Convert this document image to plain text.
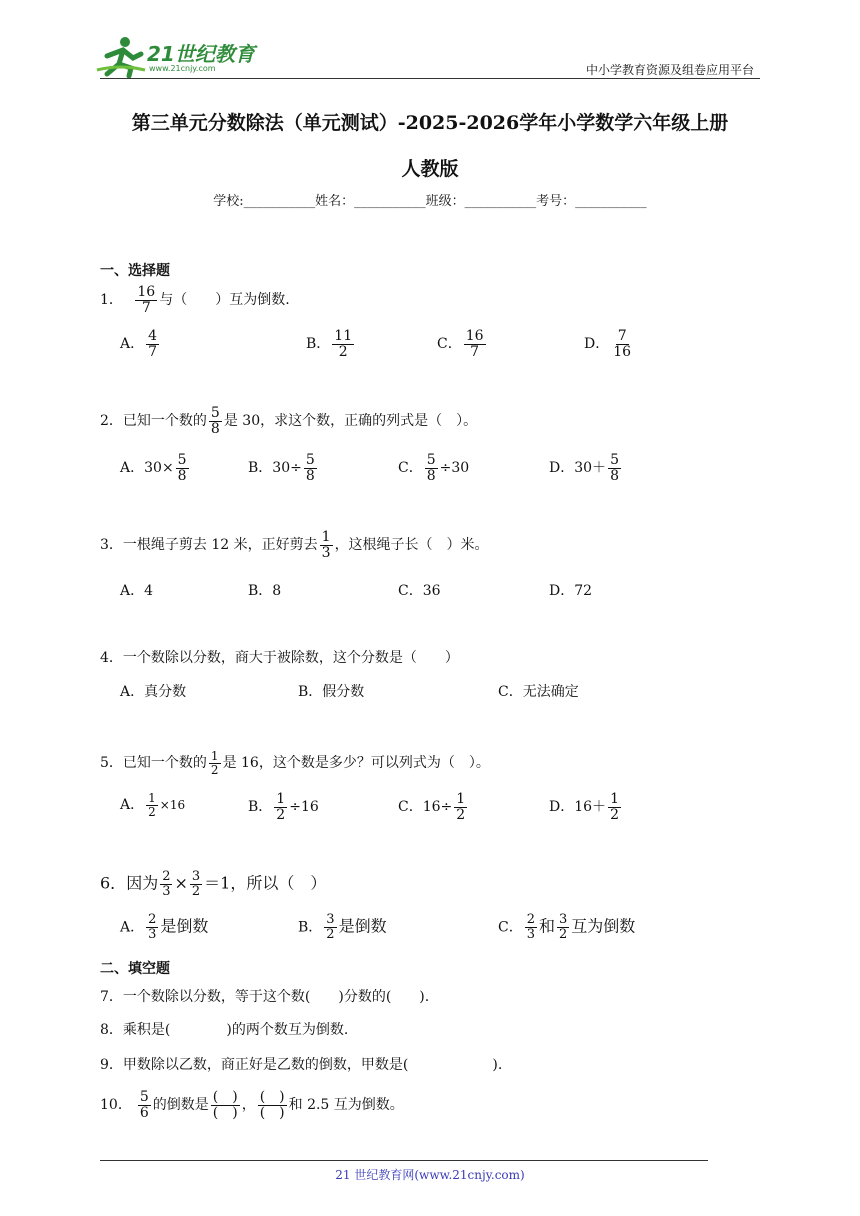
21世纪教育
www.21cnjy.com	中小学教育资源及组卷应用平台
第三单元分数除法（单元测试）-2025-2026学年小学数学六年级上册
人教版
学校:___________姓名：___________班级：___________考号：___________
一、选择题
1． $\frac{16}{7}$ 与（　　）互为倒数.
A． $\frac{4}{7}$	B． $\frac{11}{2}$	C． $\frac{16}{7}$	D． $\frac{7}{16}$
2．已知一个数的 $\frac{5}{8}$ 是 30，求这个数，正确的列式是（　）。
A．$30\times \frac{5}{8}$	B．$30\div \frac{5}{8}$	C． $\frac{5}{8} \div 30$	D．$30+ \frac{5}{8}$
3．一根绳子剪去 12 米，正好剪去 $\frac{1}{3}$ ，这根绳子长（　）米。
A．4	B．8	C．36	D．72
4．一个数除以分数，商大于被除数，这个分数是（　　）
A．真分数	B．假分数	C．无法确定
5．已知一个数的 $\frac{1}{2}$ 是 16，这个数是多少？可以列式为（　）。
A． $\frac{1}{2} \times 16$	B． $\frac{1}{2} \div 16$	C．$16\div \frac{1}{2}$	D．$16+ \frac{1}{2}$
6．因为 $\frac{2}{3} \times \frac{3}{2} =1$，所以（　）
A． $\frac{2}{3}$ 是倒数	B． $\frac{3}{2}$ 是倒数	C． $\frac{2}{3}$ 和 $\frac{3}{2}$ 互为倒数
二、填空题
7．一个数除以分数，等于这个数(　　)分数的(　　).
8．乘积是(　　　　)的两个数互为倒数.
9．甲数除以乙数，商正好是乙数的倒数，甲数是(　　　　　　).
10． $\frac{5}{6}$ 的倒数是 $\frac{( )}{( )}$ ， $\frac{( )}{( )}$ 和 2.5 互为倒数。
21 世纪教育网(www.21cnjy.com)
